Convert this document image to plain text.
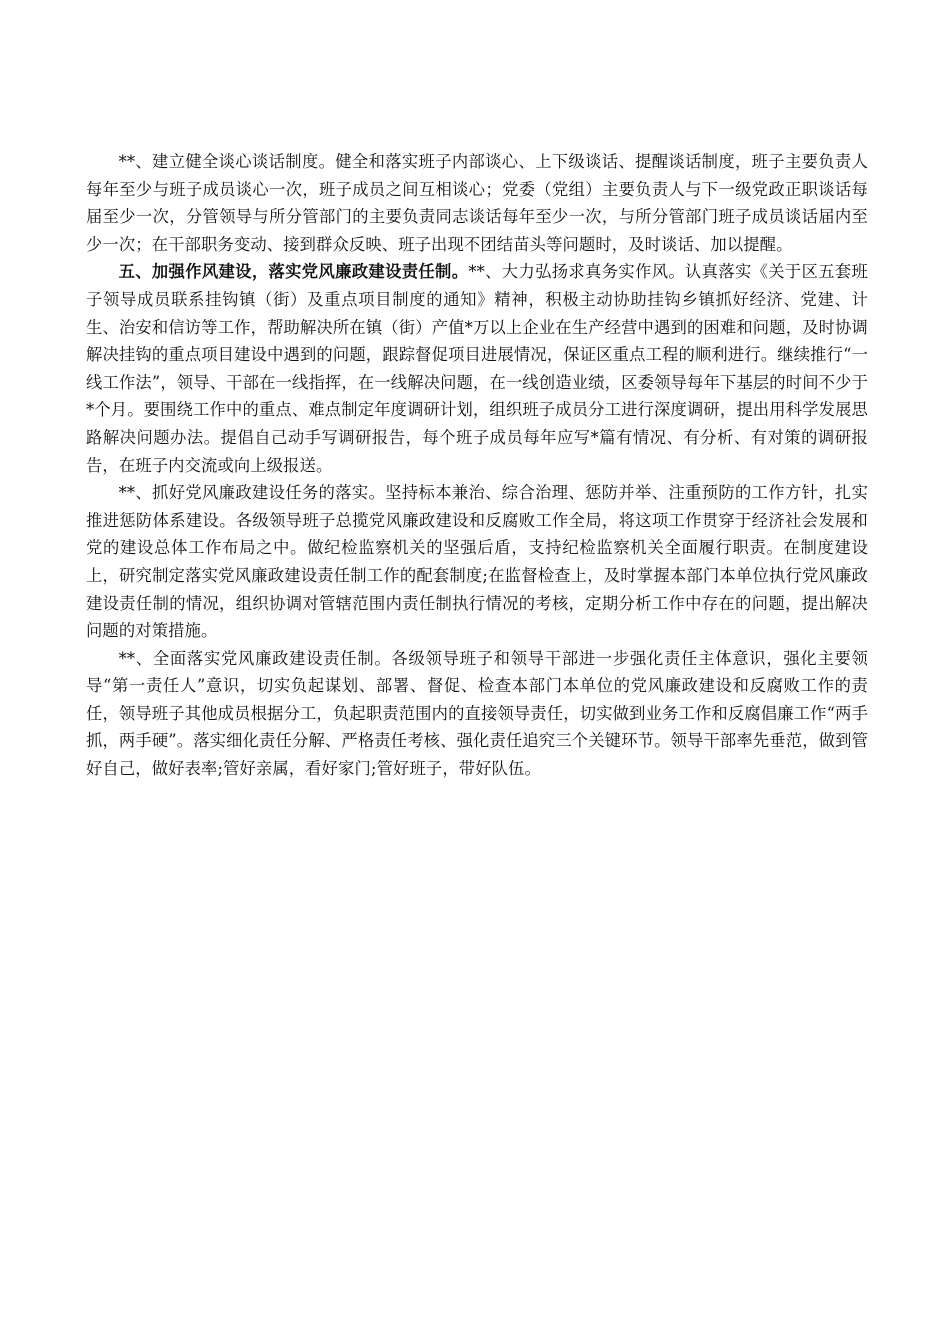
**、建立健全谈心谈话制度。健全和落实班子内部谈心、上下级谈话、提醒谈话制度，班子主要负责人每年至少与班子成员谈心一次，班子成员之间互相谈心；党委（党组）主要负责人与下一级党政正职谈话每届至少一次，分管领导与所分管部门的主要负责同志谈话每年至少一次，与所分管部门班子成员谈话届内至少一次；在干部职务变动、接到群众反映、班子出现不团结苗头等问题时，及时谈话、加以提醒。

五、加强作风建设，落实党风廉政建设责任制。**、大力弘扬求真务实作风。认真落实《关于区五套班子领导成员联系挂钩镇（街）及重点项目制度的通知》精神，积极主动协助挂钩乡镇抓好经济、党建、计生、治安和信访等工作，帮助解决所在镇（街）产值*万以上企业在生产经营中遇到的困难和问题，及时协调解决挂钩的重点项目建设中遇到的问题，跟踪督促项目进展情况，保证区重点工程的顺利进行。继续推行“一线工作法”，领导、干部在一线指挥，在一线解决问题，在一线创造业绩，区委领导每年下基层的时间不少于*个月。要围绕工作中的重点、难点制定年度调研计划，组织班子成员分工进行深度调研，提出用科学发展思路解决问题办法。提倡自己动手写调研报告，每个班子成员每年应写*篇有情况、有分析、有对策的调研报告，在班子内交流或向上级报送。

**、抓好党风廉政建设任务的落实。坚持标本兼治、综合治理、惩防并举、注重预防的工作方针，扎实推进惩防体系建设。各级领导班子总揽党风廉政建设和反腐败工作全局，将这项工作贯穿于经济社会发展和党的建设总体工作布局之中。做纪检监察机关的坚强后盾，支持纪检监察机关全面履行职责。在制度建设上，研究制定落实党风廉政建设责任制工作的配套制度;在监督检查上，及时掌握本部门本单位执行党风廉政建设责任制的情况，组织协调对管辖范围内责任制执行情况的考核，定期分析工作中存在的问题，提出解决问题的对策措施。

**、全面落实党风廉政建设责任制。各级领导班子和领导干部进一步强化责任主体意识，强化主要领导“第一责任人”意识，切实负起谋划、部署、督促、检查本部门本单位的党风廉政建设和反腐败工作的责任，领导班子其他成员根据分工，负起职责范围内的直接领导责任，切实做到业务工作和反腐倡廉工作“两手抓，两手硬”。落实细化责任分解、严格责任考核、强化责任追究三个关键环节。领导干部率先垂范，做到管好自己，做好表率;管好亲属，看好家门;管好班子，带好队伍。
